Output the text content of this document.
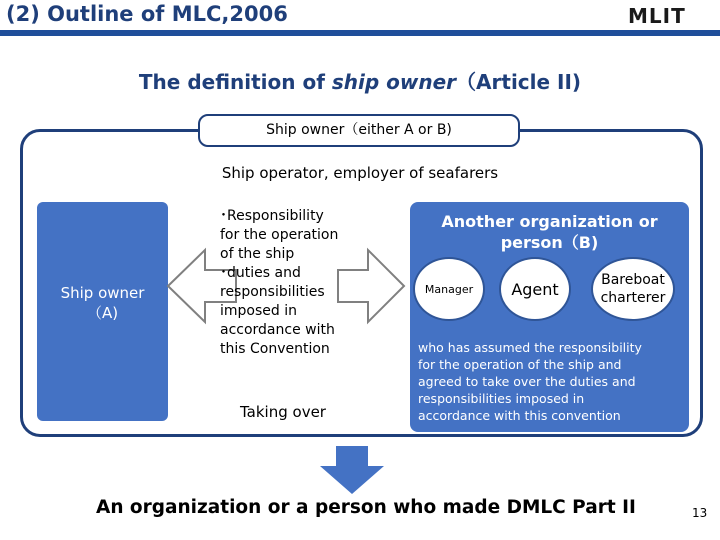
(2) Outline of MLC,2006	MLIT
The definition of ship owner（Article II)
Ship owner（either A or B)
Ship operator, employer of seafarers
Ship owner
（A)
･Responsibility
for the operation
of the ship
･duties and
responsibilities
imposed in
accordance with
this Convention
Taking over
Another organization or
person（B)
Manager Agent	Bareboat
charterer
who has assumed the responsibility
for the operation of the ship and
agreed to take over the duties and
responsibilities imposed in
accordance with this convention
An organization or a person who made DMLC Part II	13
